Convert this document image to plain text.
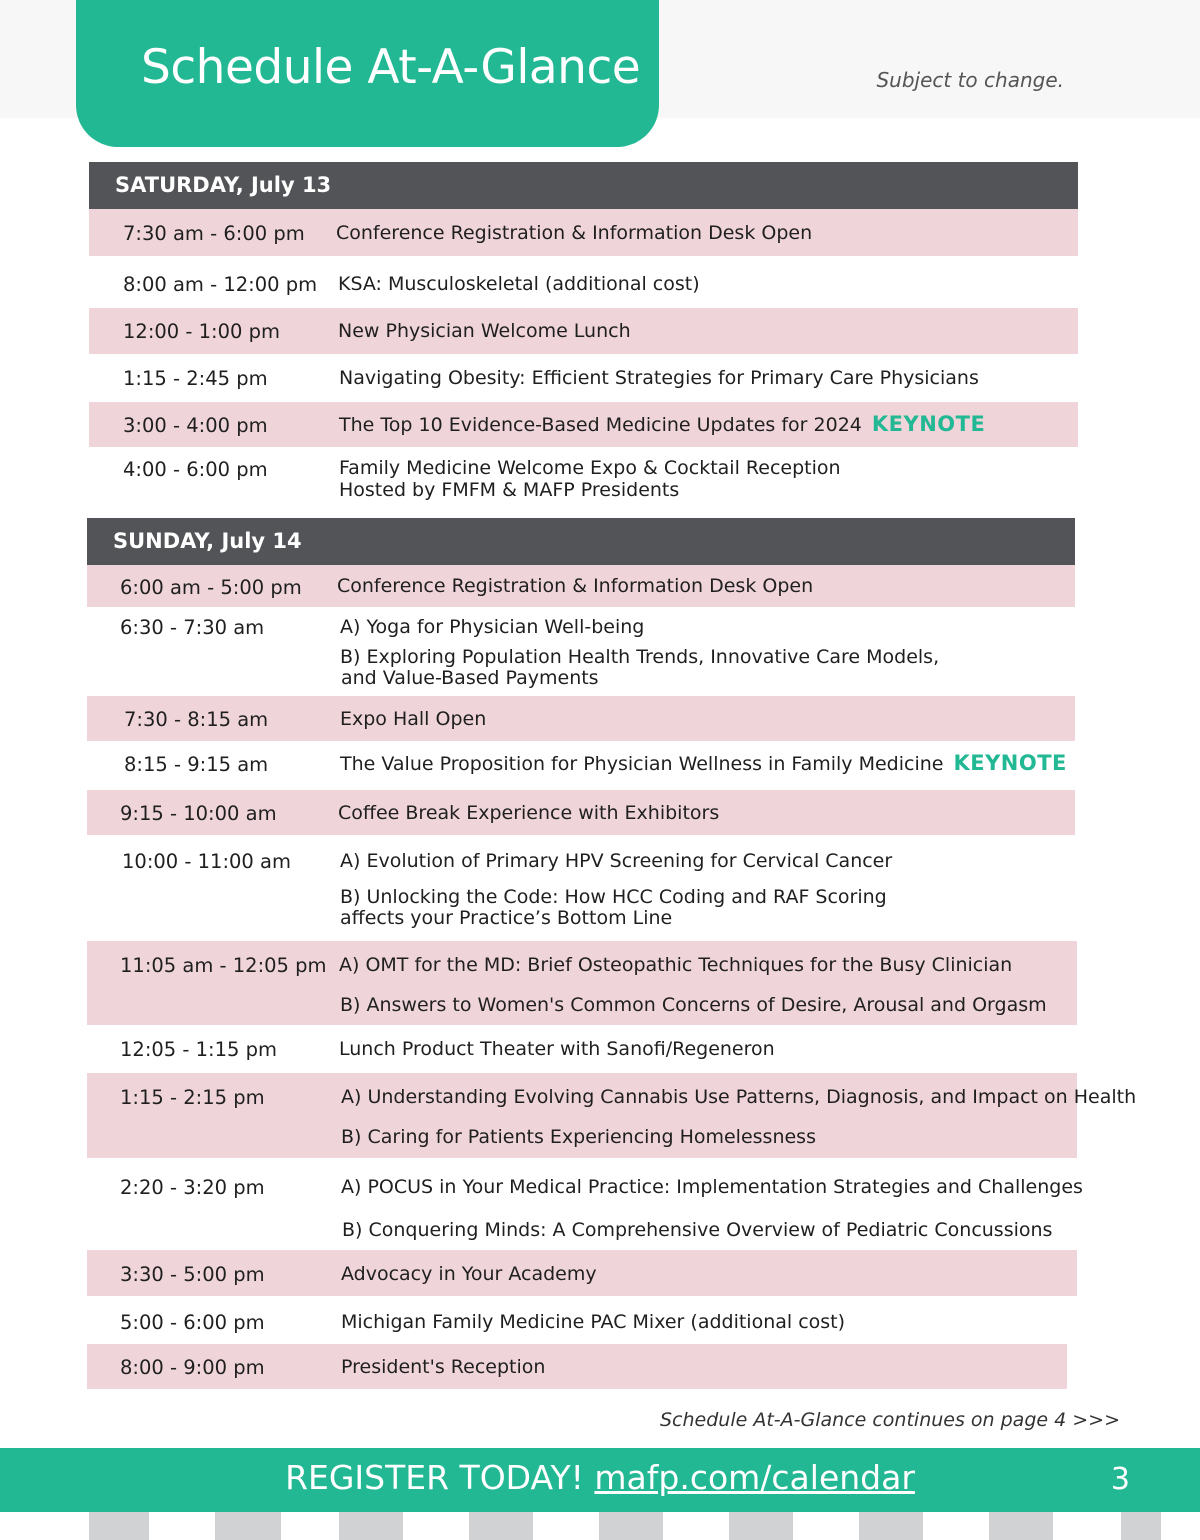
Schedule At-A-Glance	Subject to change.
SATURDAY, July 13
7:30 am - 6:00 pm Conference Registration & Information Desk Open
8:00 am - 12:00 pm KSA: Musculoskeletal (additional cost)
12:00 - 1:00 pm	New Physician Welcome Lunch
1:15 - 2:45 pm	Navigating Obesity: Efficient Strategies for Primary Care Physicians
3:00 - 4:00 pm	The Top 10 Evidence-Based Medicine Updates for 2024 KEYNOTE
4:00 - 6:00 pm	Family Medicine Welcome Expo & Cocktail Reception
Hosted by FMFM & MAFP Presidents
SUNDAY, July 14
6:00 am - 5:00 pm Conference Registration & Information Desk Open
6:30 - 7:30 am	A) Yoga for Physician Well-being
B) Exploring Population Health Trends, Innovative Care Models,
and Value-Based Payments
7:30 - 8:15 am	Expo Hall Open
8:15 - 9:15 am	The Value Proposition for Physician Wellness in Family Medicine KEYNOTE
9:15 - 10:00 am	Coffee Break Experience with Exhibitors
10:00 - 11:00 am	A) Evolution of Primary HPV Screening for Cervical Cancer
B) Unlocking the Code: How HCC Coding and RAF Scoring
affects your Practice’s Bottom Line
11:05 am - 12:05 pm A) OMT for the MD: Brief Osteopathic Techniques for the Busy Clinician
B) Answers to Women's Common Concerns of Desire, Arousal and Orgasm
12:05 - 1:15 pm	Lunch Product Theater with Sanofi/Regeneron
1:15 - 2:15 pm	A) Understanding Evolving Cannabis Use Patterns, Diagnosis, and Impact on Health
B) Caring for Patients Experiencing Homelessness
2:20 - 3:20 pm	A) POCUS in Your Medical Practice: Implementation Strategies and Challenges
B) Conquering Minds: A Comprehensive Overview of Pediatric Concussions
3:30 - 5:00 pm	Advocacy in Your Academy
5:00 - 6:00 pm	Michigan Family Medicine PAC Mixer (additional cost)
8:00 - 9:00 pm	President's Reception
Schedule At-A-Glance continues on page 4 >>>
REGISTER TODAY! mafp.com/calendar	3
